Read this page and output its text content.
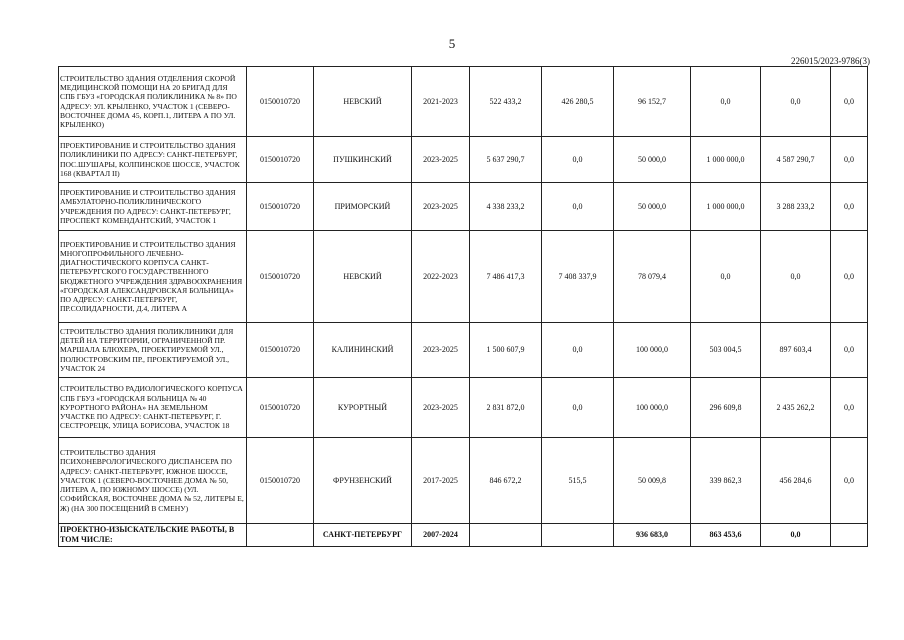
5
226015/2023-9786(3)
СТРОИТЕЛЬСТВО ЗДАНИЯ ОТДЕЛЕНИЯ СКОРОЙ МЕДИЦИНСКОЙ ПОМОЩИ НА 20 БРИГАД ДЛЯ СПБ ГБУЗ «ГОРОДСКАЯ ПОЛИКЛИНИКА № 8» ПО АДРЕСУ: УЛ. КРЫЛЕНКО, УЧАСТОК 1 (СЕВЕРО-ВОСТОЧНЕЕ ДОМА 45, КОРП.1, ЛИТЕРА А ПО УЛ. КРЫЛЕНКО)	0150010720	НЕВСКИЙ	2021-2023	522 433,2	426 280,5	96 152,7	0,0	0,0	0,0
ПРОЕКТИРОВАНИЕ И СТРОИТЕЛЬСТВО ЗДАНИЯ ПОЛИКЛИНИКИ ПО АДРЕСУ: САНКТ-ПЕТЕРБУРГ, ПОС.ШУШАРЫ, КОЛПИНСКОЕ ШОССЕ, УЧАСТОК 168 (КВАРТАЛ II)	0150010720	ПУШКИНСКИЙ	2023-2025	5 637 290,7	0,0	50 000,0	1 000 000,0	4 587 290,7	0,0
ПРОЕКТИРОВАНИЕ И СТРОИТЕЛЬСТВО ЗДАНИЯ АМБУЛАТОРНО-ПОЛИКЛИНИЧЕСКОГО УЧРЕЖДЕНИЯ ПО АДРЕСУ: САНКТ-ПЕТЕРБУРГ, ПРОСПЕКТ КОМЕНДАНТСКИЙ, УЧАСТОК 1	0150010720	ПРИМОРСКИЙ	2023-2025	4 338 233,2	0,0	50 000,0	1 000 000,0	3 288 233,2	0,0
ПРОЕКТИРОВАНИЕ И СТРОИТЕЛЬСТВО ЗДАНИЯ МНОГОПРОФИЛЬНОГО ЛЕЧЕБНО-ДИАГНОСТИЧЕСКОГО КОРПУСА САНКТ-ПЕТЕРБУРГСКОГО ГОСУДАРСТВЕННОГО БЮДЖЕТНОГО УЧРЕЖДЕНИЯ ЗДРАВООХРАНЕНИЯ «ГОРОДСКАЯ АЛЕКСАНДРОВСКАЯ БОЛЬНИЦА» ПО АДРЕСУ: САНКТ-ПЕТЕРБУРГ, ПР.СОЛИДАРНОСТИ, Д.4, ЛИТЕРА А	0150010720	НЕВСКИЙ	2022-2023	7 486 417,3	7 408 337,9	78 079,4	0,0	0,0	0,0
СТРОИТЕЛЬСТВО ЗДАНИЯ ПОЛИКЛИНИКИ ДЛЯ ДЕТЕЙ НА ТЕРРИТОРИИ, ОГРАНИЧЕННОЙ ПР. МАРШАЛА БЛЮХЕРА, ПРОЕКТИРУЕМОЙ УЛ., ПОЛЮСТРОВСКИМ ПР., ПРОЕКТИРУЕМОЙ УЛ., УЧАСТОК 24	0150010720	КАЛИНИНСКИЙ	2023-2025	1 500 607,9	0,0	100 000,0	503 004,5	897 603,4	0,0
СТРОИТЕЛЬСТВО РАДИОЛОГИЧЕСКОГО КОРПУСА СПБ ГБУЗ «ГОРОДСКАЯ БОЛЬНИЦА № 40 КУРОРТНОГО РАЙОНА» НА ЗЕМЕЛЬНОМ УЧАСТКЕ ПО АДРЕСУ: САНКТ-ПЕТЕРБУРГ, Г. СЕСТРОРЕЦК, УЛИЦА БОРИСОВА, УЧАСТОК 18	0150010720	КУРОРТНЫЙ	2023-2025	2 831 872,0	0,0	100 000,0	296 609,8	2 435 262,2	0,0
СТРОИТЕЛЬСТВО ЗДАНИЯ ПСИХОНЕВРОЛОГИЧЕСКОГО ДИСПАНСЕРА ПО АДРЕСУ: САНКТ-ПЕТЕРБУРГ, ЮЖНОЕ ШОССЕ, УЧАСТОК 1 (СЕВЕРО-ВОСТОЧНЕЕ ДОМА № 50, ЛИТЕРА А, ПО ЮЖНОМУ ШОССЕ) (УЛ. СОФИЙСКАЯ, ВОСТОЧНЕЕ ДОМА № 52, ЛИТЕРЫ Е, Ж) (НА 300 ПОСЕЩЕНИЙ В СМЕНУ)	0150010720	ФРУНЗЕНСКИЙ	2017-2025	846 672,2	515,5	50 009,8	339 862,3	456 284,6	0,0
ПРОЕКТНО-ИЗЫСКАТЕЛЬСКИЕ РАБОТЫ, В ТОМ ЧИСЛЕ:		САНКТ-ПЕТЕРБУРГ	2007-2024			936 683,0	863 453,6	0,0	
